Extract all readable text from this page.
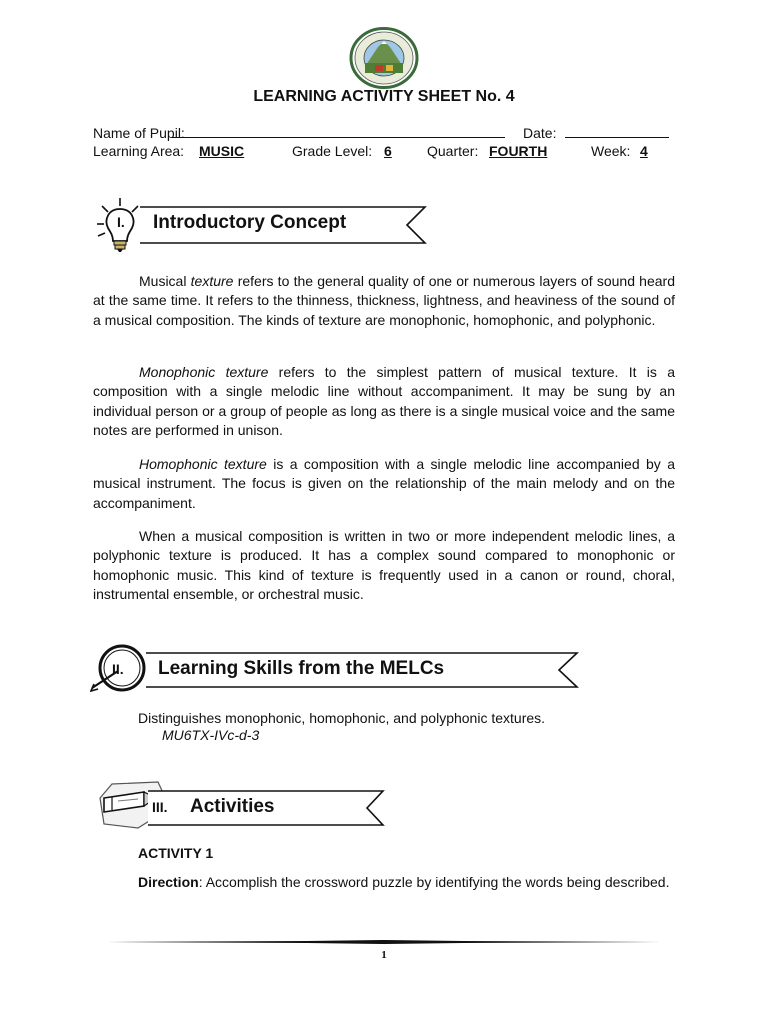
LEARNING ACTIVITY SHEET No. 4
Name of Pupil:	Date:
Learning Area: MUSIC	Grade Level: 6	Quarter: FOURTH	Week: 4
I. Introductory Concept

Musical texture refers to the general quality of one or numerous layers of sound heard at the same time. It refers to the thinness, thickness, lightness, and heaviness of the sound of a musical composition. The kinds of texture are monophonic, homophonic, and polyphonic.

Monophonic texture refers to the simplest pattern of musical texture. It is a composition with a single melodic line without accompaniment. It may be sung by an individual person or a group of people as long as there is a single musical voice and the same notes are performed in unison.

Homophonic texture is a composition with a single melodic line accompanied by a musical instrument. The focus is given on the relationship of the main melody and on the accompaniment.

When a musical composition is written in two or more independent melodic lines, a polyphonic texture is produced. It has a complex sound compared to monophonic or homophonic music. This kind of texture is frequently used in a canon or round, choral, instrumental ensemble, or orchestral music.

II. Learning Skills from the MELCs
Distinguishes monophonic, homophonic, and polyphonic textures.
MU6TX-IVc-d-3
III. Activities
ACTIVITY 1

Direction: Accomplish the crossword puzzle by identifying the words being described.

1
